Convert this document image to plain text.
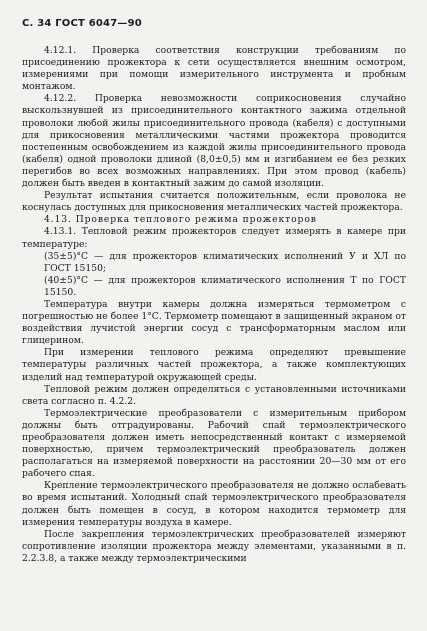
С. 34 ГОСТ 6047—90

4.12.1. Проверка соответствия конструкции требованиям по присоединению прожектора к сети осуществляется внешним осмотром, измерениями при помощи измерительного инструмента и пробным монтажом.

4.12.2. Проверка невозможности соприкосновения случайно выскользнувшей из присоединительного контактного зажима отдельной проволоки любой жилы присоединительного провода (кабеля) с доступными для прикосновения металлическими частями прожектора проводится постепенным освобождением из каждой жилы присоединительного провода (кабеля) одной проволоки длиной (8,0±0,5) мм и изгибанием ее без резких перегибов во всех возможных направлениях. При этом провод (кабель) должен быть введен в контактный зажим до самой изоляции.

Результат испытания считается положительным, если проволока не коснулась доступных для прикосновения металлических частей прожектора.

4.13. Проверка теплового режима прожекторов

4.13.1. Тепловой режим прожекторов следует измерять в камере при температуре:

(35±5)°С — для прожекторов климатических исполнений У и ХЛ по ГОСТ 15150;

(40±5)°С — для прожекторов климатического исполнения Т по ГОСТ 15150.

Температура внутри камеры должна измеряться термометром с погрешностью не более 1°С. Термометр помещают в защищенный экраном от воздействия лучистой энергии сосуд с трансформаторным маслом или глицерином.

При измерении теплового режима определяют превышение температуры различных частей прожектора, а также комплектующих изделий над температурой окружающей среды.

Тепловой режим должен определяться с установленными источниками света согласно п. 4.2.2.

Термоэлектрические преобразователи с измерительным прибором должны быть отградуированы. Рабочий спай термоэлектрического преобразователя должен иметь непосредственный контакт с измеряемой поверхностью, причем термоэлектрический преобразователь должен располагаться на измеряемой поверхности на расстоянии 20—30 мм от его рабочего спая.

Крепление термоэлектрического преобразователя не должно ослабевать во время испытаний. Холодный спай термоэлектрического преобразователя должен быть помещен в сосуд, в котором находится термометр для измерения температуры воздуха в камере.

После закрепления термоэлектрических преобразователей измеряют сопротивление изоляции прожектора между элементами, указанными в п. 2.2.3.8, а также между термоэлектрическими
